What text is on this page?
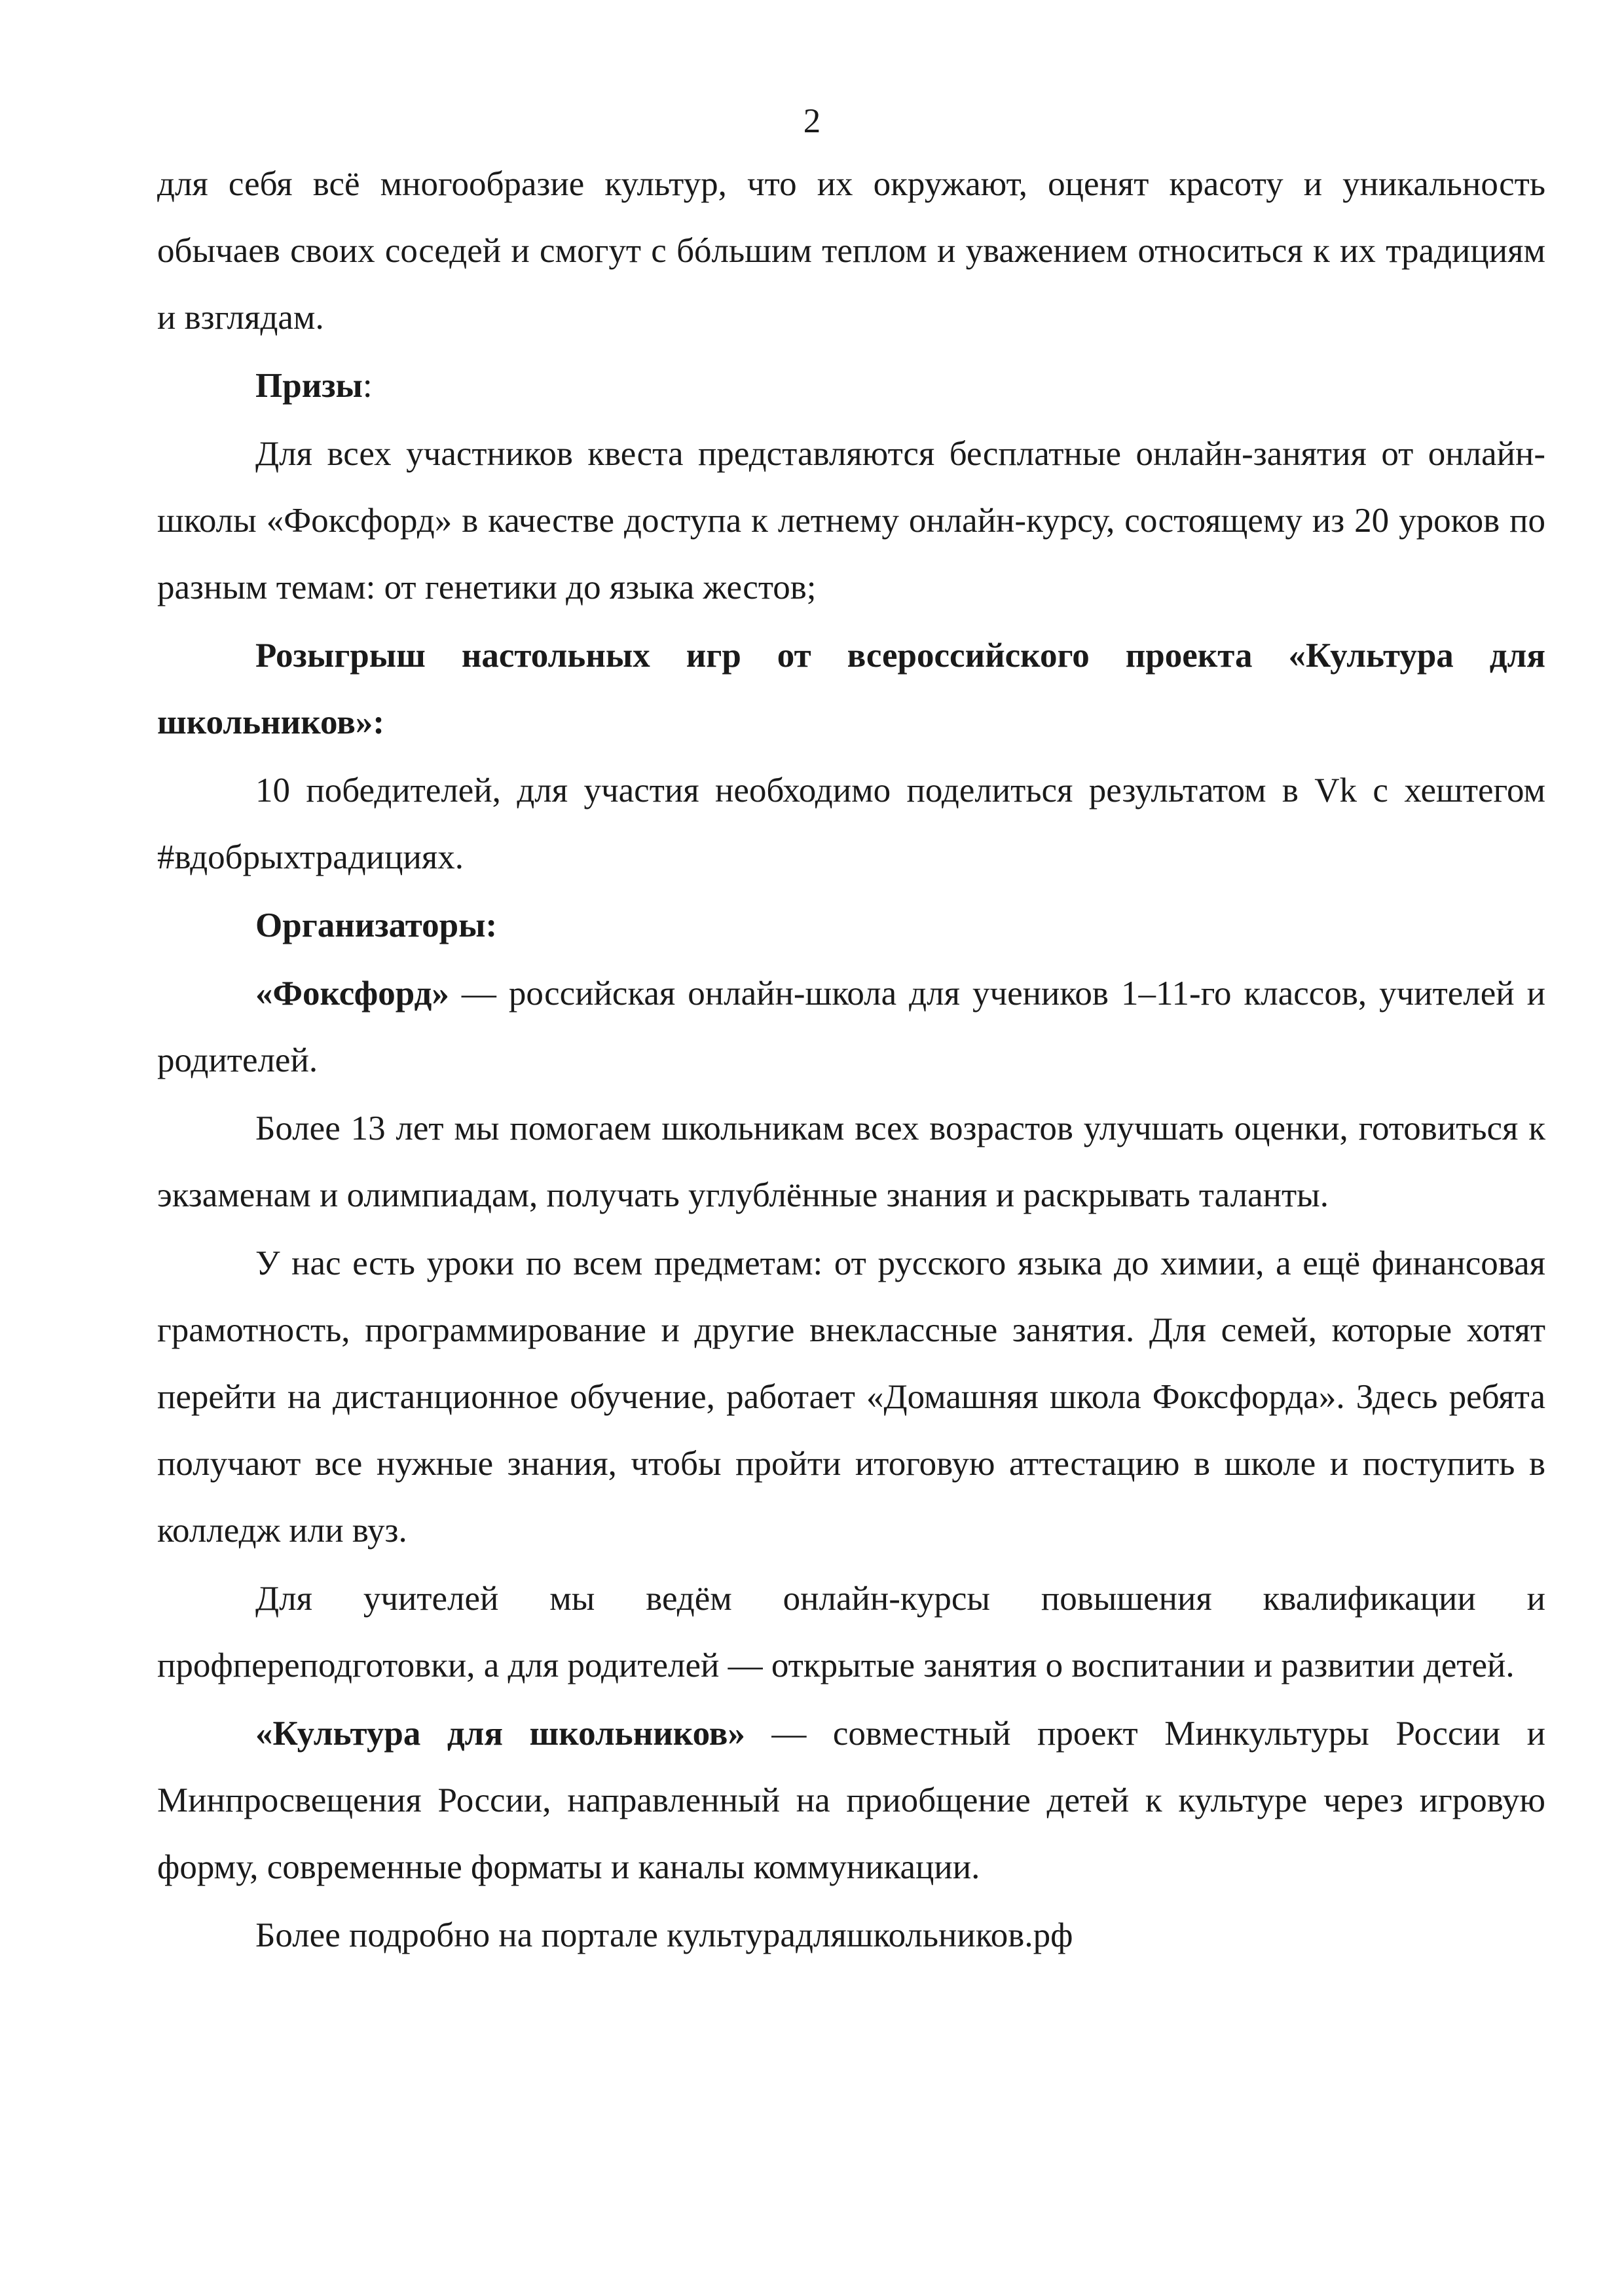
2

для себя всё многообразие культур, что их окружают, оценят красоту и уникальность обычаев своих соседей и смогут с бóльшим теплом и уважением относиться к их традициям и взглядам.

Призы:

Для всех участников квеста представляются бесплатные онлайн-занятия от онлайн-школы «Фоксфорд» в качестве доступа к летнему онлайн-курсу, состоящему из 20 уроков по разным темам: от генетики до языка жестов;

Розыгрыш настольных игр от всероссийского проекта «Культура для школьников»:

10 победителей, для участия необходимо поделиться результатом в Vk с хештегом #вдобрыхтрадициях.

Организаторы:

«Фоксфорд» — российская онлайн-школа для учеников 1–11-го классов, учителей и родителей.

Более 13 лет мы помогаем школьникам всех возрастов улучшать оценки, готовиться к экзаменам и олимпиадам, получать углублённые знания и раскрывать таланты.

У нас есть уроки по всем предметам: от русского языка до химии, а ещё финансовая грамотность, программирование и другие внеклассные занятия. Для семей, которые хотят перейти на дистанционное обучение, работает «Домашняя школа Фоксфорда». Здесь ребята получают все нужные знания, чтобы пройти итоговую аттестацию в школе и поступить в колледж или вуз.

Для учителей мы ведём онлайн-курсы повышения квалификации и профпереподготовки, а для родителей — открытые занятия о воспитании и развитии детей.

«Культура для школьников» — совместный проект Минкультуры России и Минпросвещения России, направленный на приобщение детей к культуре через игровую форму, современные форматы и каналы коммуникации.

Более подробно на портале культурадляшкольников.рф
